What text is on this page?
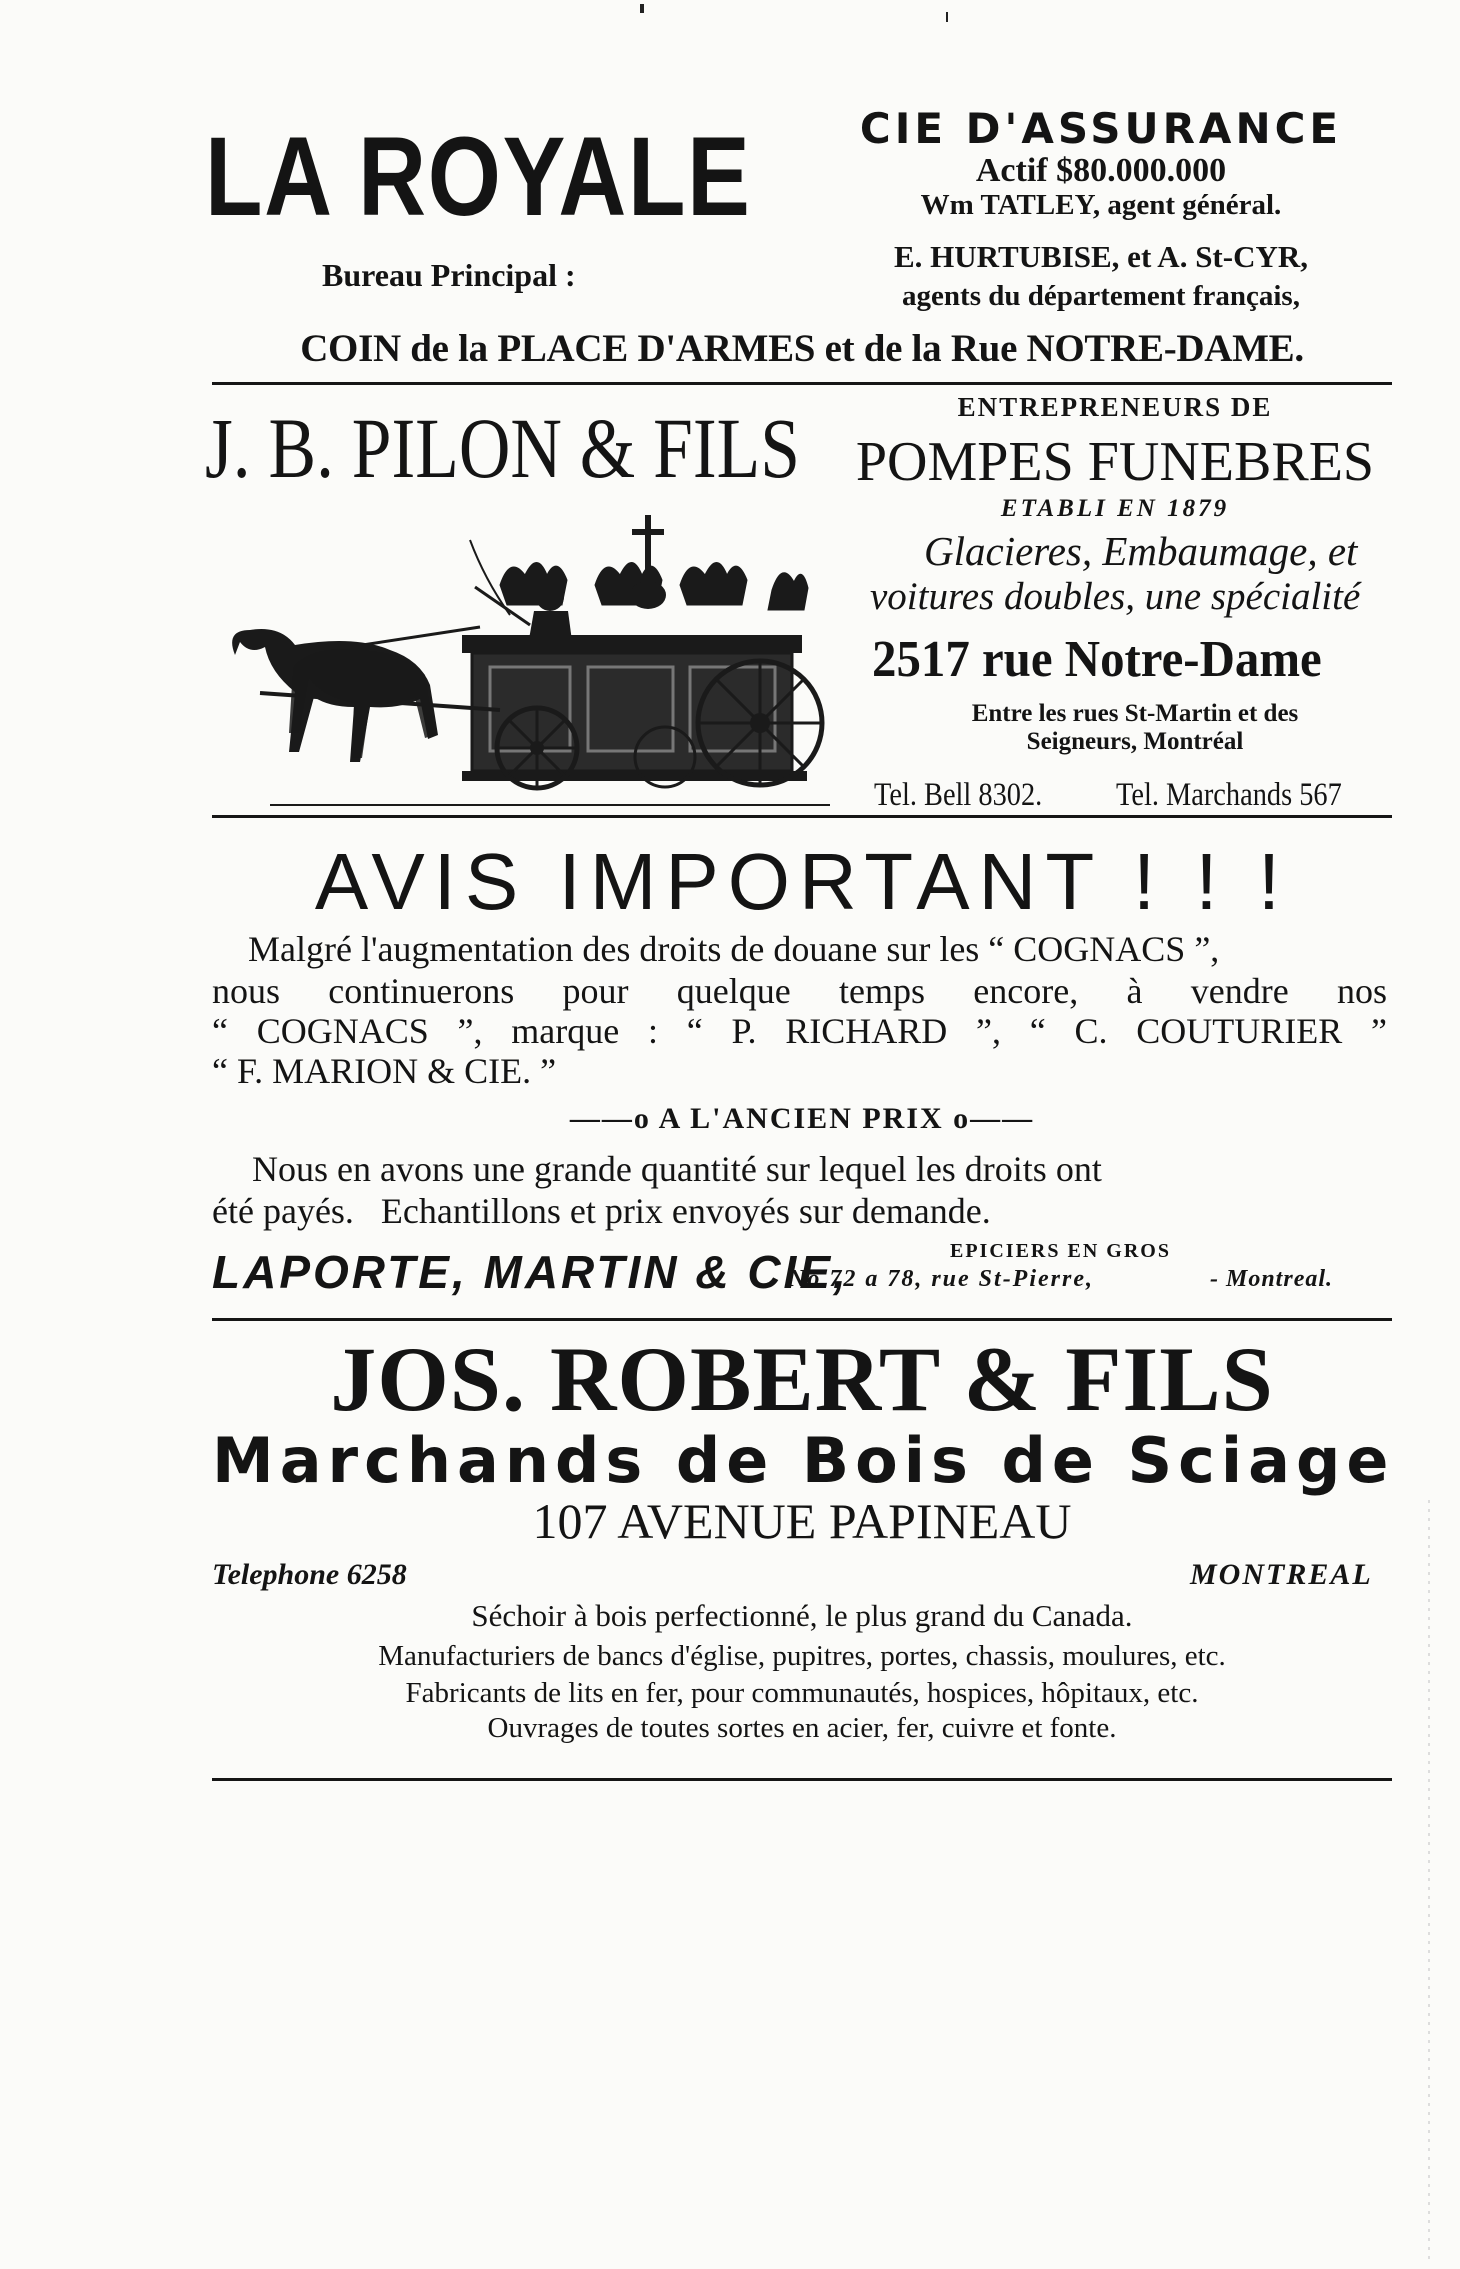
LA ROYALE	CIE D'ASSURANCE
Actif $80.000.000
Wm TATLEY, agent général.
E. HURTUBISE, et A. St-CYR,
agents du département français,
Bureau Principal :
COIN de la PLACE D'ARMES et de la Rue NOTRE-DAME.
J. B. PILON & FILS	ENTREPRENEURS DE
POMPES FUNEBRES
ETABLI EN 1879
Glacieres, Embaumage, et
voitures doubles, une spécialité
2517 rue Notre-Dame
Entre les rues St-Martin et des
Seigneurs, Montréal
Tel. Bell 8302. Tel. Marchands 567
AVIS IMPORTANT ! ! !
Malgré l'augmentation des droits de douane sur les “ COGNACS ”,
nous continuerons pour quelque temps encore, à vendre nos
“ COGNACS ”, marque : “ P. RICHARD ”, “ C. COUTURIER ”
“ F. MARION & CIE. ”
——o A L'ANCIEN PRIX o——
Nous en avons une grande quantité sur lequel les droits ont
été payés.   Echantillons et prix envoyés sur demande.
LAPORTE, MARTIN & CIE,	EPICIERS EN GROS
No 72 a 78, rue St-Pierre,	- Montreal.
JOS. ROBERT & FILS
Marchands de Bois de Sciage
107 AVENUE PAPINEAU
Telephone 6258	MONTREAL
Séchoir à bois perfectionné, le plus grand du Canada.
Manufacturiers de bancs d'église, pupitres, portes, chassis, moulures, etc.
Fabricants de lits en fer, pour communautés, hospices, hôpitaux, etc.
Ouvrages de toutes sortes en acier, fer, cuivre et fonte.
